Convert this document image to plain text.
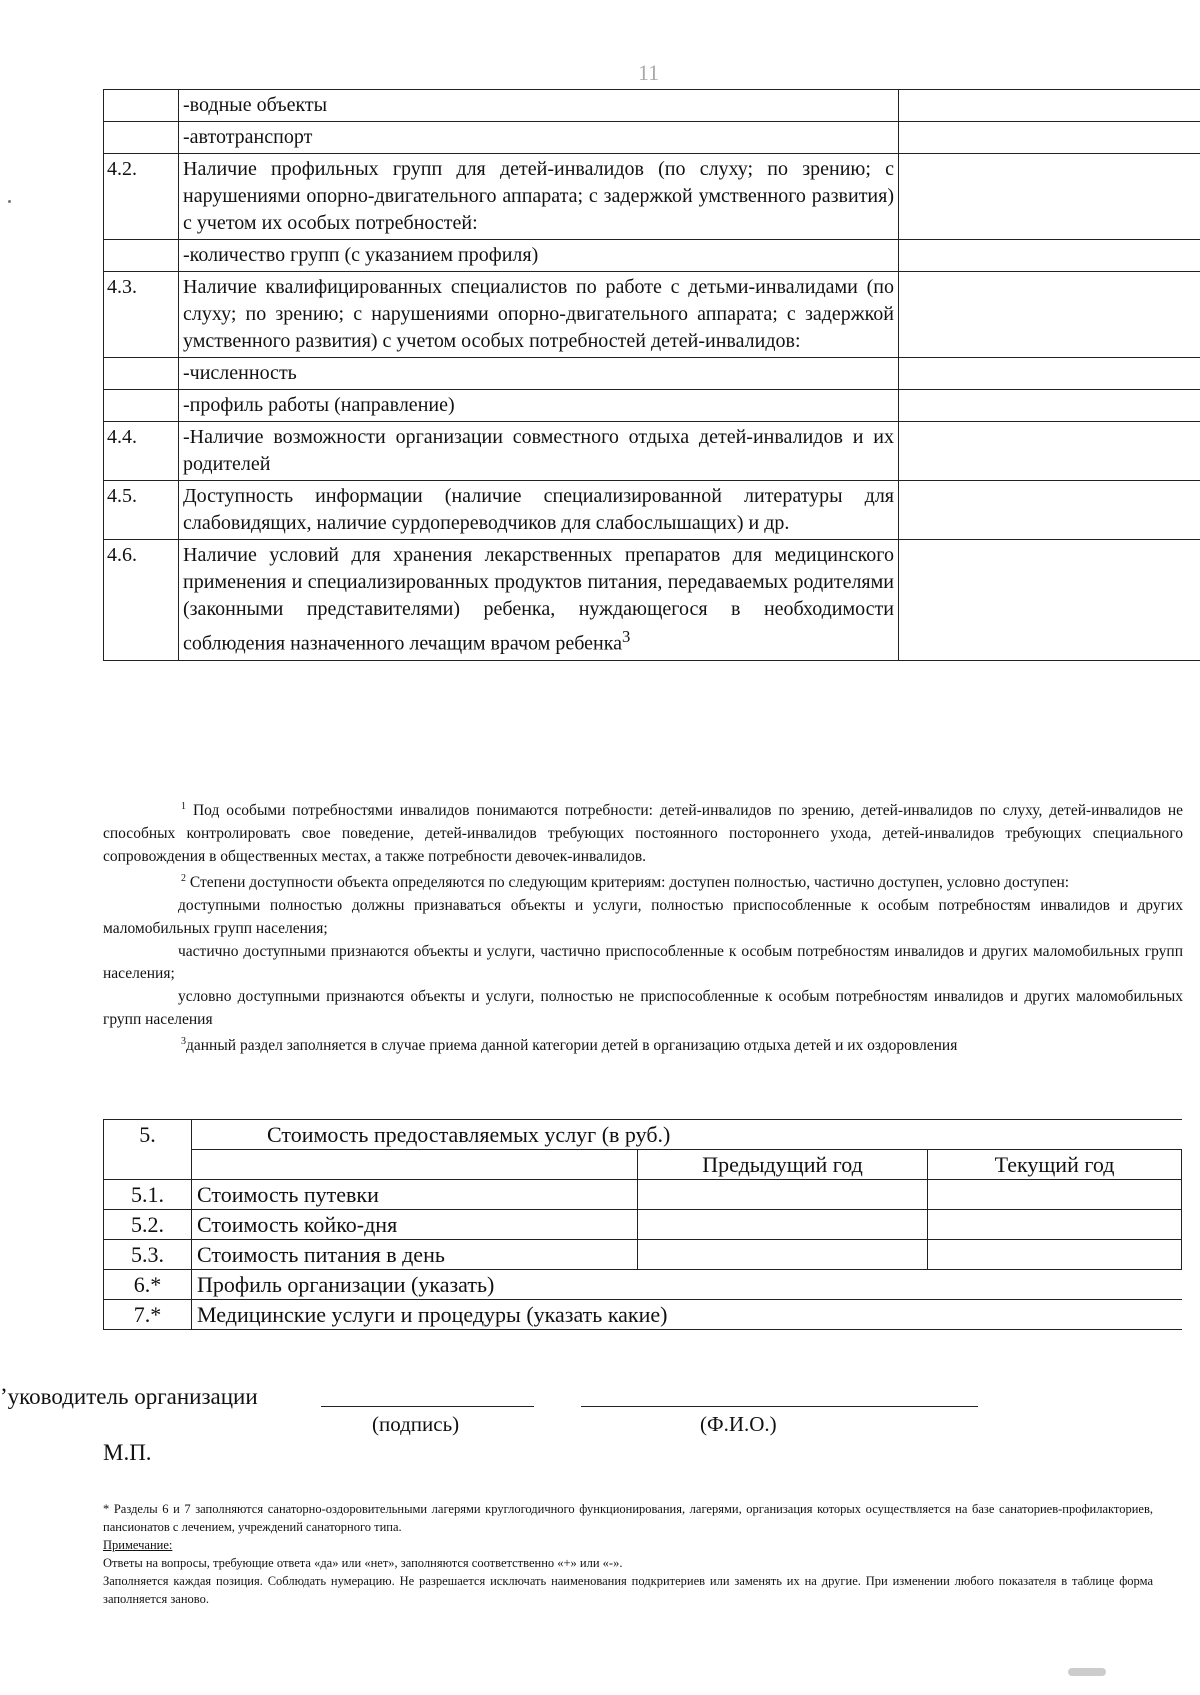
11
	-водные объекты	
	-автотранспорт	
4.2.	Наличие профильных групп для детей-инвалидов (по слуху; по зрению; с нарушениями опорно-двигательного аппарата; с задержкой умственного развития) с учетом их особых потребностей:	
	-количество групп (с указанием профиля)	
4.3.	Наличие квалифицированных специалистов по работе с детьми-инвалидами (по слуху; по зрению; с нарушениями опорно-двигательного аппарата; с задержкой умственного развития) с учетом особых потребностей детей-инвалидов:	
	-численность	
	-профиль работы (направление)	
4.4.	-Наличие возможности организации совместного отдыха детей-инвалидов и их родителей	
4.5.	Доступность информации (наличие специализированной литературы для слабовидящих, наличие сурдопереводчиков для слабослышащих) и др.	
4.6.	Наличие условий для хранения лекарственных препаратов для медицинского применения и специализированных продуктов питания, передаваемых родителями (законными представителями) ребенка, нуждающегося в необходимости соблюдения назначенного лечащим врачом ребенка$^3$	

$^1$ Под особыми потребностями инвалидов понимаются потребности: детей-инвалидов по зрению, детей-инвалидов по слуху, детей-инвалидов не способных контролировать свое поведение, детей-инвалидов требующих постоянного постороннего ухода, детей-инвалидов требующих специального сопровождения в общественных местах, а также потребности девочек-инвалидов.

$^2$ Степени доступности объекта определяются по следующим критериям: доступен полностью, частично доступен, условно доступен:

доступными полностью должны признаваться объекты и услуги, полностью приспособленные к особым потребностям инвалидов и других маломобильных групп населения;

частично доступными признаются объекты и услуги, частично приспособленные к особым потребностям инвалидов и других маломобильных групп населения;

условно доступными признаются объекты и услуги, полностью не приспособленные к особым потребностям инвалидов и других маломобильных групп населения

$^3$данный раздел заполняется в случае приема данной категории детей в организацию отдыха детей и их оздоровления

5.	Стоимость предоставляемых услуг (в руб.)		
		Предыдущий год	Текущий год
5.1.	Стоимость путевки		
5.2.	Стоимость койко-дня		
5.3.	Стоимость питания в день		
6.*	Профиль организации (указать)		
7.*	Медицинские услуги и процедуры (указать какие)		
ʼуководитель организации
(подпись)	(Ф.И.О.)
М.П.

* Разделы 6 и 7 заполняются санаторно-оздоровительными лагерями круглогодичного функционирования, лагерями, организация которых осуществляется на базе санаториев-профилакториев, пансионатов с лечением, учреждений санаторного типа.

Примечание:

Ответы на вопросы, требующие ответа «да» или «нет», заполняются соответственно «+» или «-».

Заполняется каждая позиция. Соблюдать нумерацию. Не разрешается исключать наименования подкритериев или заменять их на другие. При изменении любого показателя в таблице форма заполняется заново.
